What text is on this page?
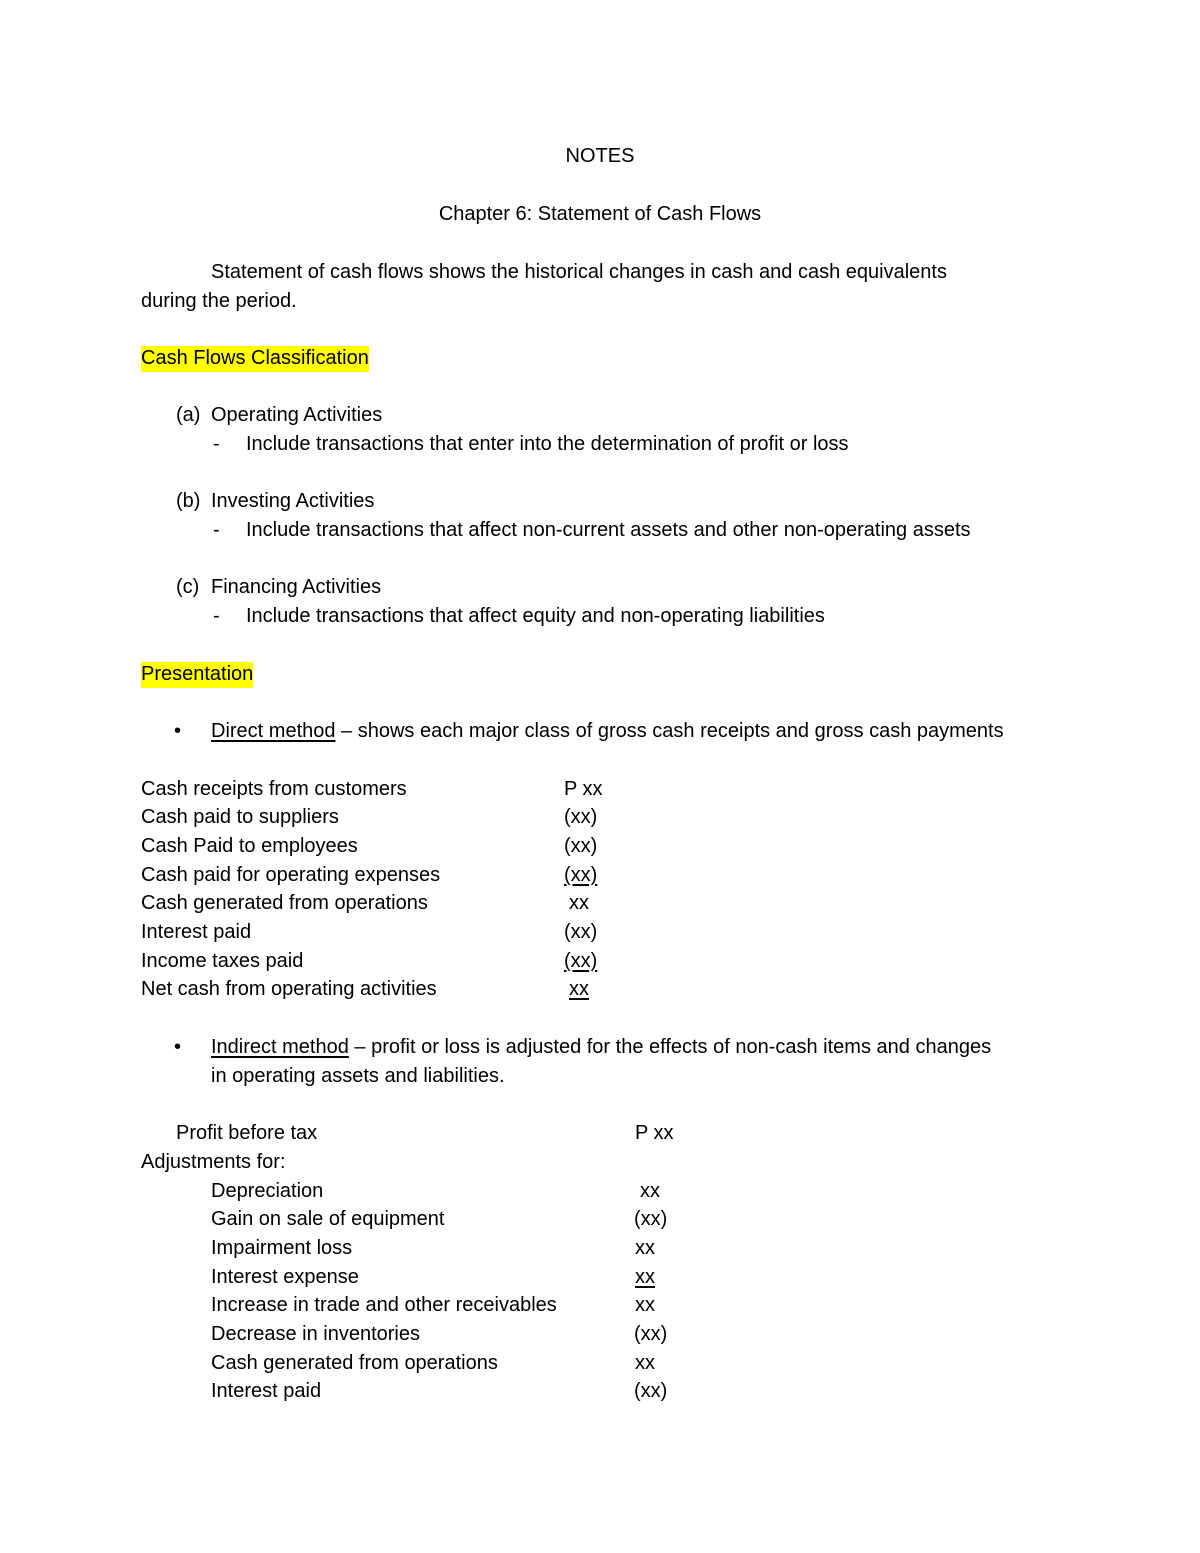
NOTES
Chapter 6: Statement of Cash Flows
Statement of cash flows shows the historical changes in cash and cash equivalents
during the period.
Cash Flows Classification
(a) Operating Activities
- Include transactions that enter into the determination of profit or loss
(b) Investing Activities
- Include transactions that affect non-current assets and other non-operating assets
(c) Financing Activities
- Include transactions that affect equity and non-operating liabilities
Presentation
• Direct method – shows each major class of gross cash receipts and gross cash payments
Cash receipts from customers	P xx
Cash paid to suppliers	(xx)
Cash Paid to employees	(xx)
Cash paid for operating expenses	(xx)
Cash generated from operations	xx
Interest paid	(xx)
Income taxes paid	(xx)
Net cash from operating activities	xx
• Indirect method – profit or loss is adjusted for the effects of non-cash items and changes
in operating assets and liabilities.
Profit before tax	P xx
Adjustments for:
Depreciation	xx
Gain on sale of equipment	(xx)
Impairment loss	xx
Interest expense	xx
Increase in trade and other receivables	xx
Decrease in inventories	(xx)
Cash generated from operations	xx
Interest paid	(xx)
